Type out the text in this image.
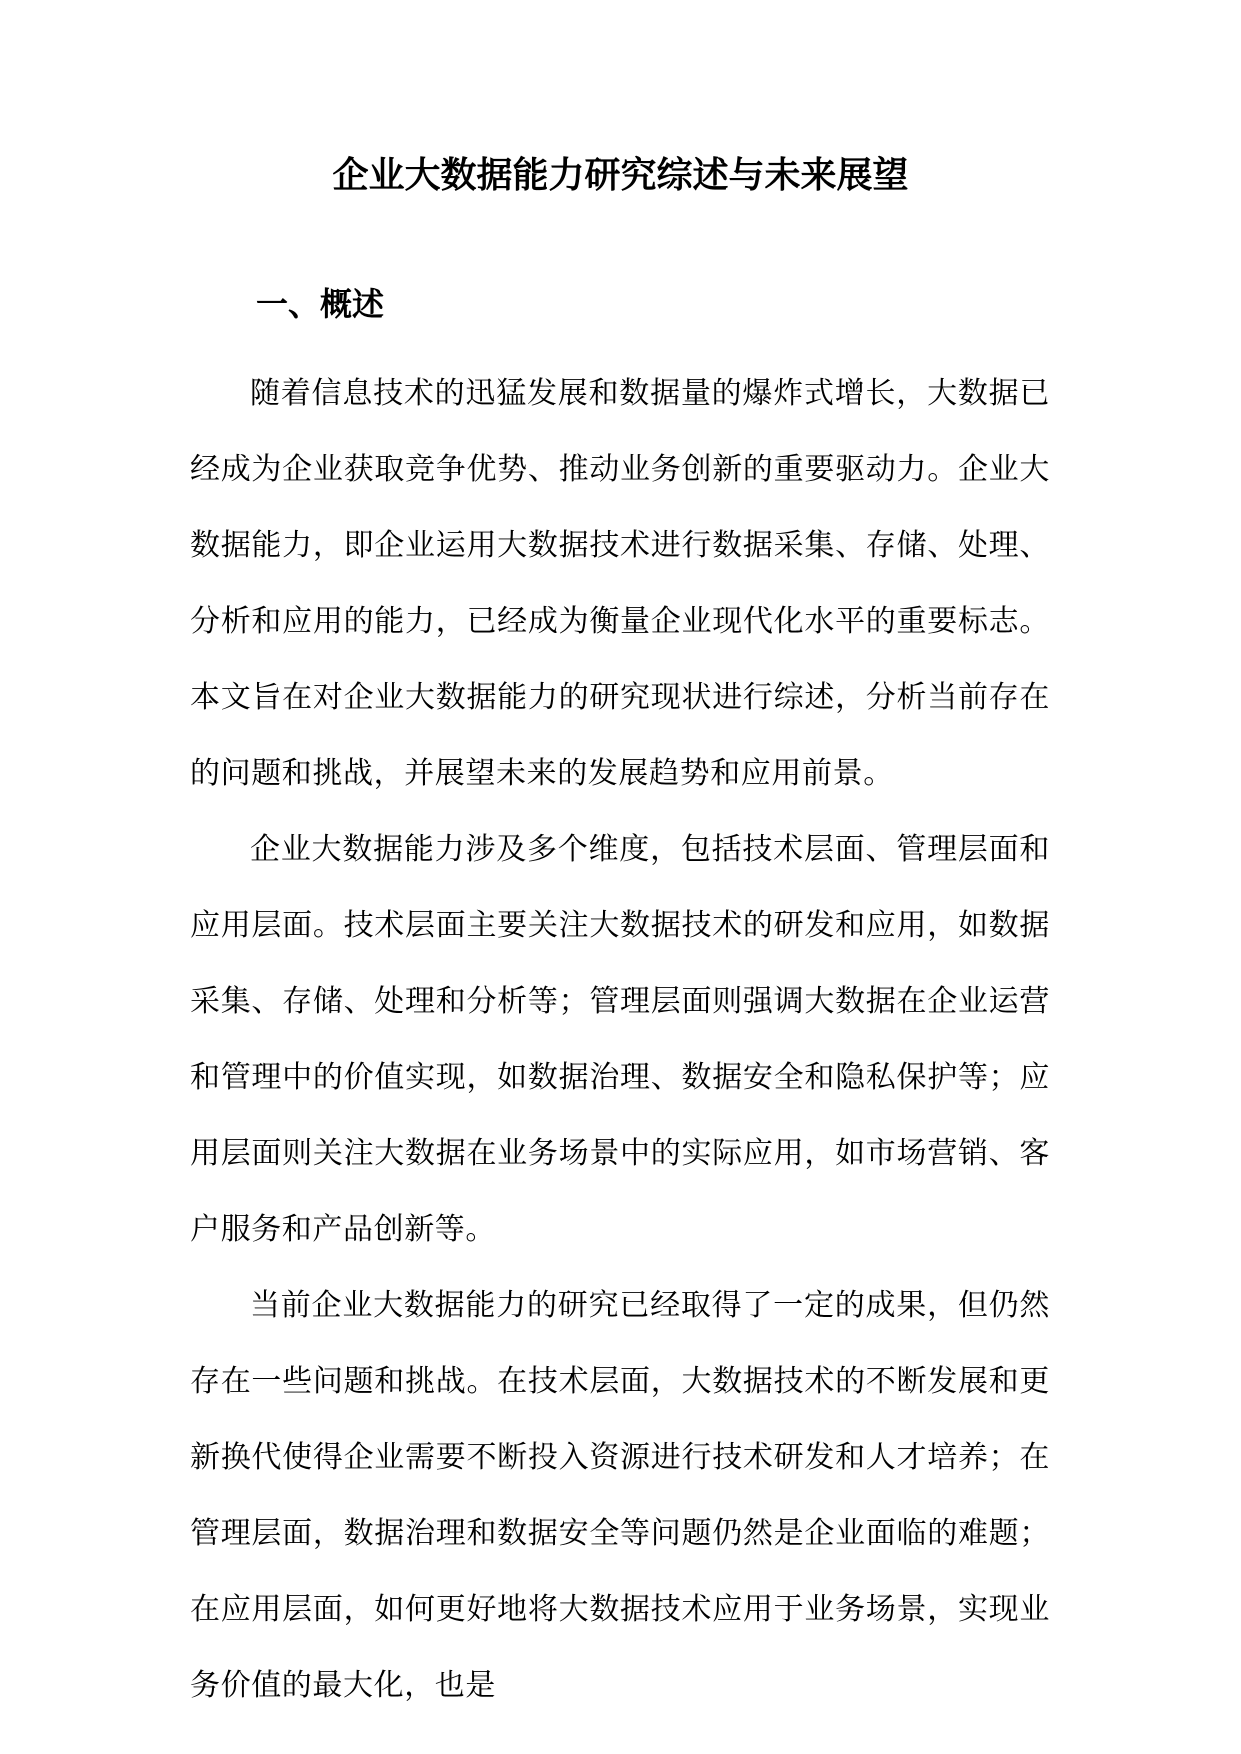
企业大数据能力研究综述与未来展望
一、概述

随着信息技术的迅猛发展和数据量的爆炸式增长，大数据已经成为企业获取竞争优势、推动业务创新的重要驱动力。企业大数据能力，即企业运用大数据技术进行数据采集、存储、处理、分析和应用的能力，已经成为衡量企业现代化水平的重要标志。本文旨在对企业大数据能力的研究现状进行综述，分析当前存在的问题和挑战，并展望未来的发展趋势和应用前景。

企业大数据能力涉及多个维度，包括技术层面、管理层面和应用层面。技术层面主要关注大数据技术的研发和应用，如数据采集、存储、处理和分析等；管理层面则强调大数据在企业运营和管理中的价值实现，如数据治理、数据安全和隐私保护等；应用层面则关注大数据在业务场景中的实际应用，如市场营销、客户服务和产品创新等。

当前企业大数据能力的研究已经取得了一定的成果，但仍然存在一些问题和挑战。在技术层面，大数据技术的不断发展和更新换代使得企业需要不断投入资源进行技术研发和人才培养；在管理层面，数据治理和数据安全等问题仍然是企业面临的难题；在应用层面，如何更好地将大数据技术应用于业务场景，实现业务价值的最大化，也是
